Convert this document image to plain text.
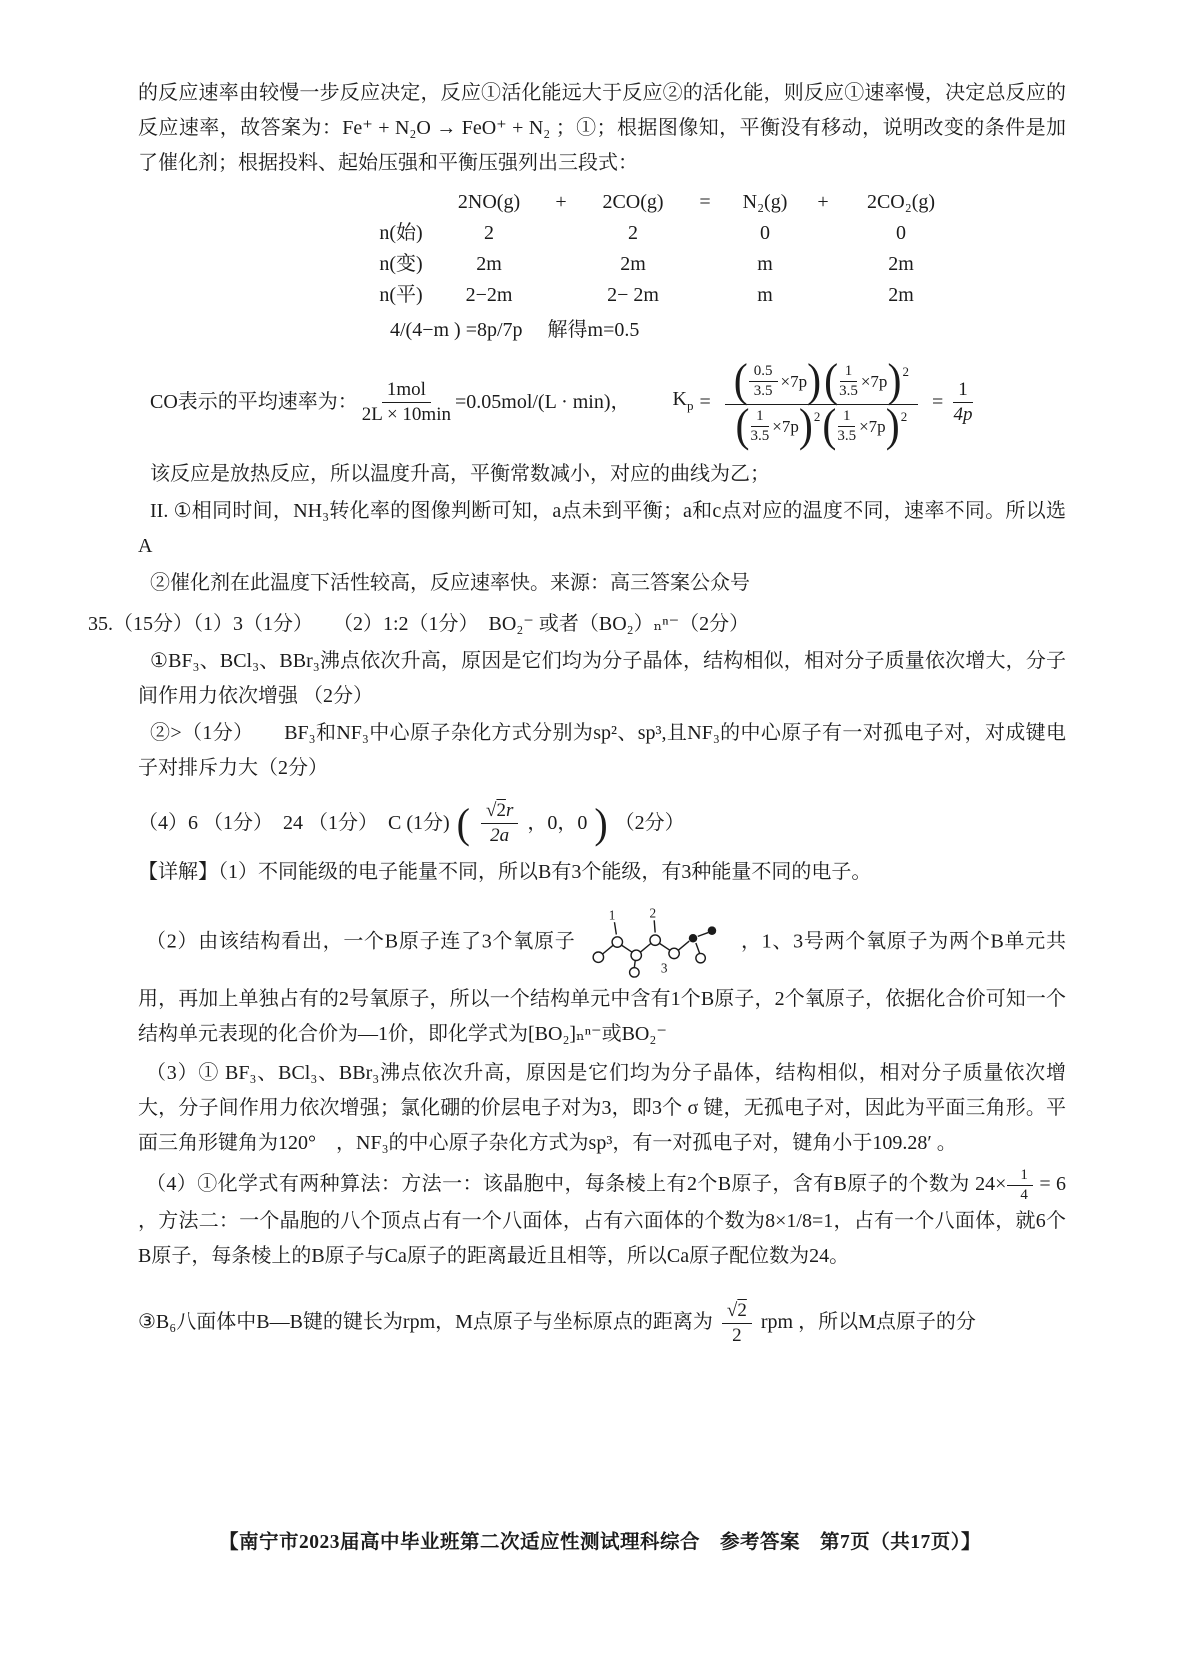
的反应速率由较慢一步反应决定，反应①活化能远大于反应②的活化能，则反应①速率慢，决定总反应的反应速率，故答案为：Fe⁺ + N₂O → FeO⁺ + N₂ ；①；根据图像知，平衡没有移动，说明改变的条件是加了催化剂；根据投料、起始压强和平衡压强列出三段式：

2NO(g)	+	2CO(g)	=	N₂(g)	+	2CO₂(g)
n(始)	2	2	0	0
n(变)	2m	2m	m	2m
n(平)	2−2m	2− 2m	m	2m
4/(4−m ) =8p/7p　 解得m=0.5
CO表示的平均速率为： $\frac{\text{1mol}}{2L \times 10\min} =0.05mol/(L \cdot \min)$， $K_p$ = ( $\frac{0.5}{3.5} \times 7p$ ) ( $\frac{1}{3.5} \times 7p$ ) 2
( $\frac{1}{3.5} \times 7p$ ) 2 ( $\frac{1}{3.5} \times 7p$ ) 2
= $\frac{1}{4p}$

该反应是放热反应，所以温度升高，平衡常数减小，对应的曲线为乙；

II. ①相同时间，NH₃转化率的图像判断可知，a点未到平衡；a和c点对应的温度不同，速率不同。所以选A

②催化剂在此温度下活性较高，反应速率快。来源：高三答案公众号

35.（15分）（1）3（1分）　　（2）1:2（1分）　BO₂⁻ 或者（BO₂）ₙⁿ⁻（2分）

①BF₃、BCl₃、BBr₃沸点依次升高，原因是它们均为分子晶体，结构相似，相对分子质量依次增大，分子间作用力依次增强 （2分）

②>（1分）　　BF₃和NF₃中心原子杂化方式分别为sp²、sp³,且NF₃的中心原子有一对孤电子对，对成键电子对排斥力大（2分）

（4）6 （1分）　24 （1分）　C (1分) ( $\frac{√ 2 r}{2a}$ ，0，0 ) （2分）

【详解】（1）不同能级的电子能量不同，所以B有3个能级，有3种能量不同的电子。

（2）由该结构看出，一个B原子连了3个氧原子
1 2
3
，1、3号两个氧原子为两个B单元共用，再加上单独占有的2号氧原子，所以一个结构单元中含有1个B原子，2个氧原子，依据化合价可知一个结构单元表现的化合价为—1价，即化学式为[BO₂]ₙⁿ⁻或BO₂⁻

（3）① BF₃、BCl₃、BBr₃沸点依次升高，原因是它们均为分子晶体，结构相似，相对分子质量依次增大，分子间作用力依次增强；氯化硼的价层电子对为3，即3个 σ 键，无孤电子对，因此为平面三角形。平面三角形键角为120°　，NF₃的中心原子杂化方式为sp³，有一对孤电子对，键角小于109.28′ 。

（4）①化学式有两种算法：方法一：该晶胞中，每条棱上有2个B原子，含有B原子的个数为 $24\times \frac{1}{4} = 6$ ，方法二：一个晶胞的八个顶点占有一个八面体，占有六面体的个数为8×1/8=1，占有一个八面体，就6个B原子，每条棱上的B原子与Ca原子的距离最近且相等，所以Ca原子配位数为24。

③B₆八面体中B—B键的键长为rpm，M点原子与坐标原点的距离为 $\frac{√ 2}{2}$ rpm ，所以M点原子的分

【南宁市2023届高中毕业班第二次适应性测试理科综合　参考答案　第7页（共17页）】
